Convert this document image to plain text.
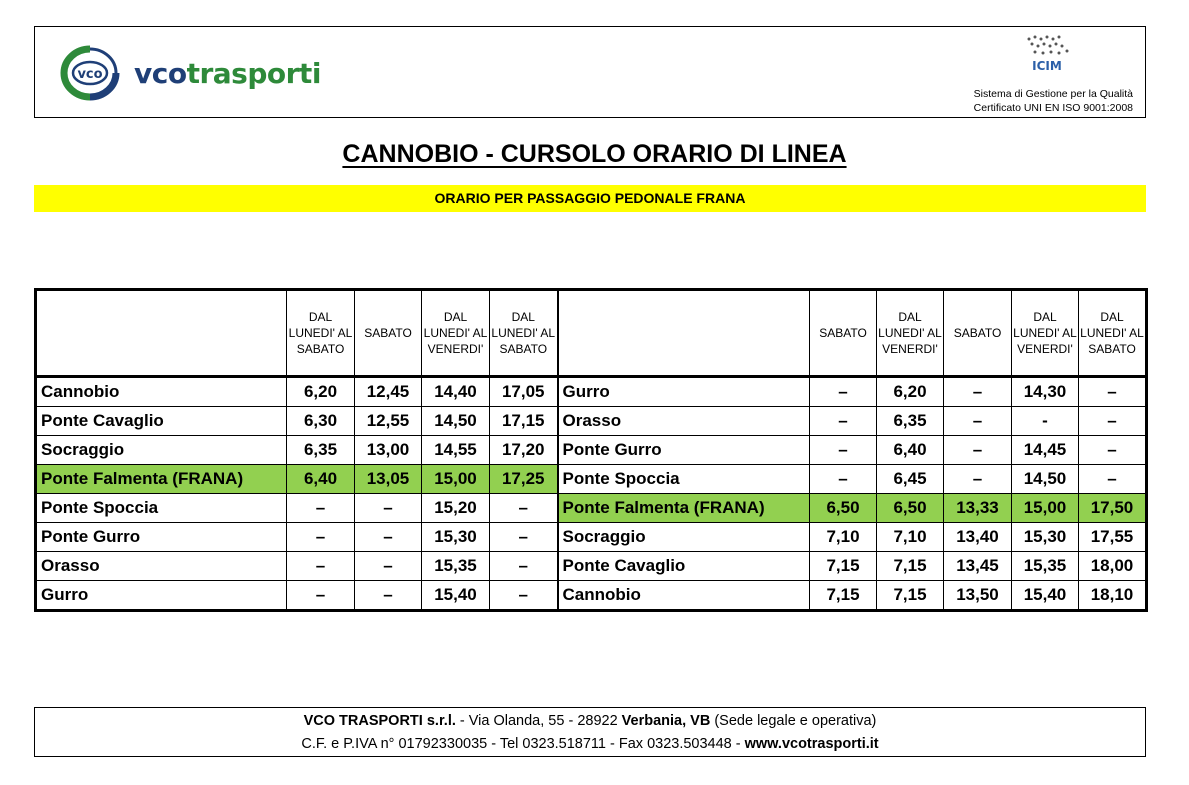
vco vcotrasporti	ICIM
Sistema di Gestione per la Qualità
Certificato UNI EN ISO 9001:2008
CANNOBIO - CURSOLO ORARIO DI LINEA
ORARIO PER PASSAGGIO PEDONALE FRANA
	DAL LUNEDI' AL SABATO	SABATO	DAL LUNEDI' AL VENERDI'	DAL LUNEDI' AL SABATO		SABATO	DAL LUNEDI' AL VENERDI'	SABATO	DAL LUNEDI' AL VENERDI'	DAL LUNEDI' AL SABATO
Cannobio	6,20	12,45	14,40	17,05	Gurro	–	6,20	–	14,30	–
Ponte Cavaglio	6,30	12,55	14,50	17,15	Orasso	–	6,35	–	-	–
Socraggio	6,35	13,00	14,55	17,20	Ponte Gurro	–	6,40	–	14,45	–
Ponte Falmenta (FRANA)	6,40	13,05	15,00	17,25	Ponte Spoccia	–	6,45	–	14,50	–
Ponte Spoccia	–	–	15,20	–	Ponte Falmenta (FRANA)	6,50	6,50	13,33	15,00	17,50
Ponte Gurro	–	–	15,30	–	Socraggio	7,10	7,10	13,40	15,30	17,55
Orasso	–	–	15,35	–	Ponte Cavaglio	7,15	7,15	13,45	15,35	18,00
Gurro	–	–	15,40	–	Cannobio	7,15	7,15	13,50	15,40	18,10
VCO TRASPORTI s.r.l. - Via Olanda, 55 - 28922 Verbania, VB (Sede legale e operativa)
C.F. e P.IVA n° 01792330035 - Tel 0323.518711 - Fax 0323.503448 - www.vcotrasporti.it
